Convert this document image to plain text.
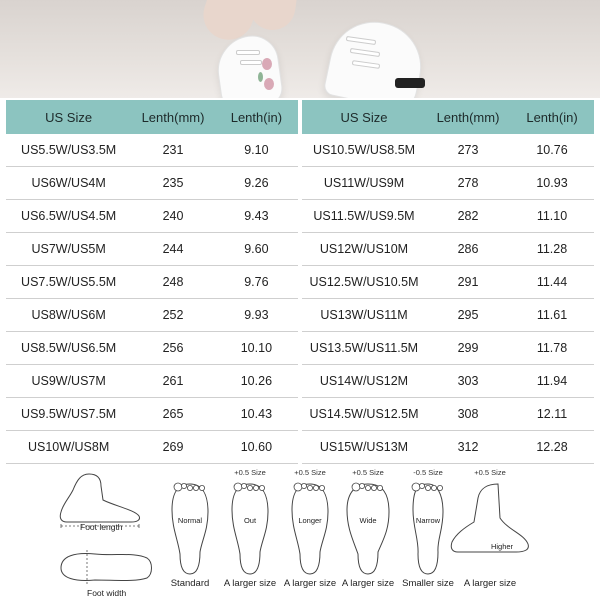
US Size	Lenth(mm)	Lenth(in)
US5.5W/US3.5M	231	9.10
US6W/US4M	235	9.26
US6.5W/US4.5M	240	9.43
US7W/US5M	244	9.60
US7.5W/US5.5M	248	9.76
US8W/US6M	252	9.93
US8.5W/US6.5M	256	10.10
US9W/US7M	261	10.26
US9.5W/US7.5M	265	10.43
US10W/US8M	269	10.60
US Size	Lenth(mm)	Lenth(in)
US10.5W/US8.5M	273	10.76
US11W/US9M	278	10.93
US11.5W/US9.5M	282	11.10
US12W/US10M	286	11.28
US12.5W/US10.5M	291	11.44
US13W/US11M	295	11.61
US13.5W/US11.5M	299	11.78
US14W/US12M	303	11.94
US14.5W/US12.5M	308	12.11
US15W/US13M	312	12.28
Foot length
Foot width
Normal
Standard
+0.5 Size
Out
A larger size
+0.5 Size
Longer
A larger size
+0.5 Size
Wide
A larger size
-0.5 Size
Narrow
Smaller size
+0.5 Size
Higher
A larger size
